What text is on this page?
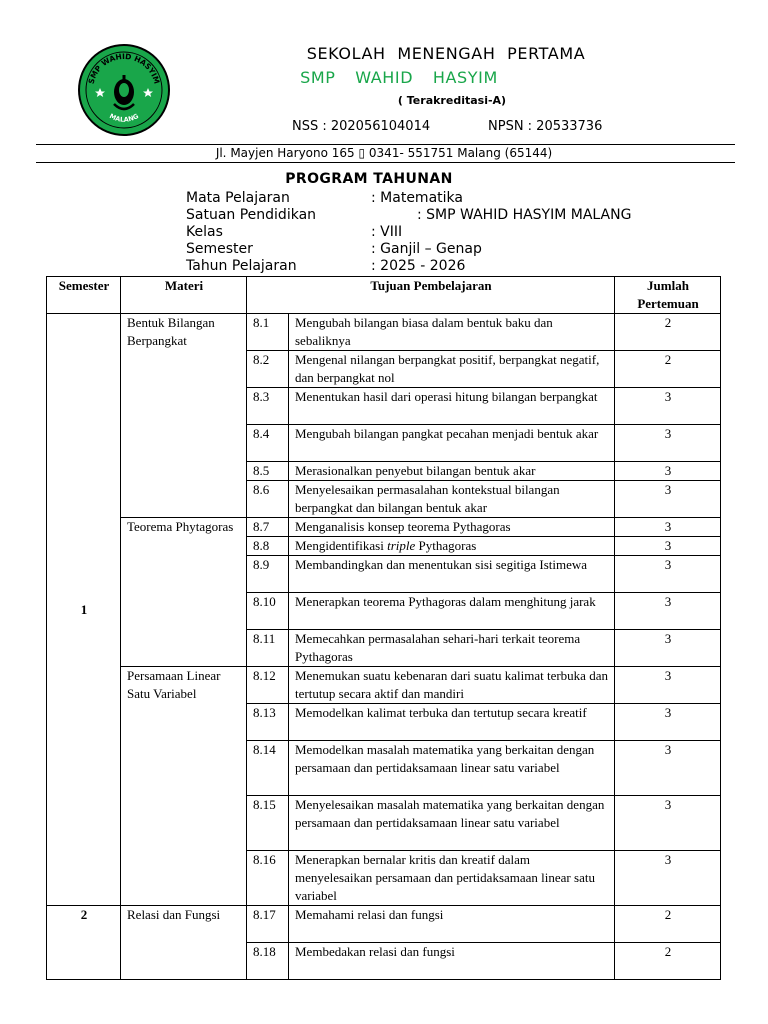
SMP WAHID HASYIM
MALANG
SEKOLAH MENENGAH PERTAMA
SMP WAHID HASYIM
( Terakreditasi-A)
NSS : 202056104014	NPSN : 20533736
Jl. Mayjen Haryono 165 ▯ 0341- 551751 Malang (65144)
PROGRAM TAHUNAN
Mata Pelajaran	: Matematika
Satuan Pendidikan	: SMP WAHID HASYIM MALANG
Kelas	: VIII
Semester	: Ganjil – Genap
Tahun Pelajaran	: 2025 - 2026
Semester	Materi	Tujuan Pembelajaran		Jumlah
Pertemuan
1	Bentuk Bilangan Berpangkat	8.1	Mengubah bilangan biasa dalam bentuk baku dan sebaliknya	2
		8.2	Mengenal nilangan berpangkat positif, berpangkat negatif, dan berpangkat nol	2
		8.3	Menentukan hasil dari operasi hitung bilangan berpangkat	3
		8.4	Mengubah bilangan pangkat pecahan menjadi bentuk akar	3
		8.5	Merasionalkan penyebut bilangan bentuk akar	3
		8.6	Menyelesaikan permasalahan kontekstual bilangan berpangkat dan bilangan bentuk akar	3
	Teorema Phytagoras	8.7	Menganalisis konsep teorema Pythagoras	3
		8.8	Mengidentifikasi triple Pythagoras	3
		8.9	Membandingkan dan menentukan sisi segitiga Istimewa	3
		8.10	Menerapkan teorema Pythagoras dalam menghitung jarak	3
		8.11	Memecahkan permasalahan sehari-hari terkait teorema Pythagoras	3
	Persamaan Linear Satu Variabel	8.12	Menemukan suatu kebenaran dari suatu kalimat terbuka dan tertutup secara aktif dan mandiri	3
		8.13	Memodelkan kalimat terbuka dan tertutup secara kreatif	3
		8.14	Memodelkan masalah matematika yang berkaitan dengan persamaan dan pertidaksamaan linear satu variabel	3
		8.15	Menyelesaikan masalah matematika yang berkaitan dengan persamaan dan pertidaksamaan linear satu variabel	3
		8.16	Menerapkan bernalar kritis dan kreatif dalam menyelesaikan persamaan dan pertidaksamaan linear satu variabel	3
2	Relasi dan Fungsi	8.17	Memahami relasi dan fungsi	2
		8.18	Membedakan relasi dan fungsi	2
